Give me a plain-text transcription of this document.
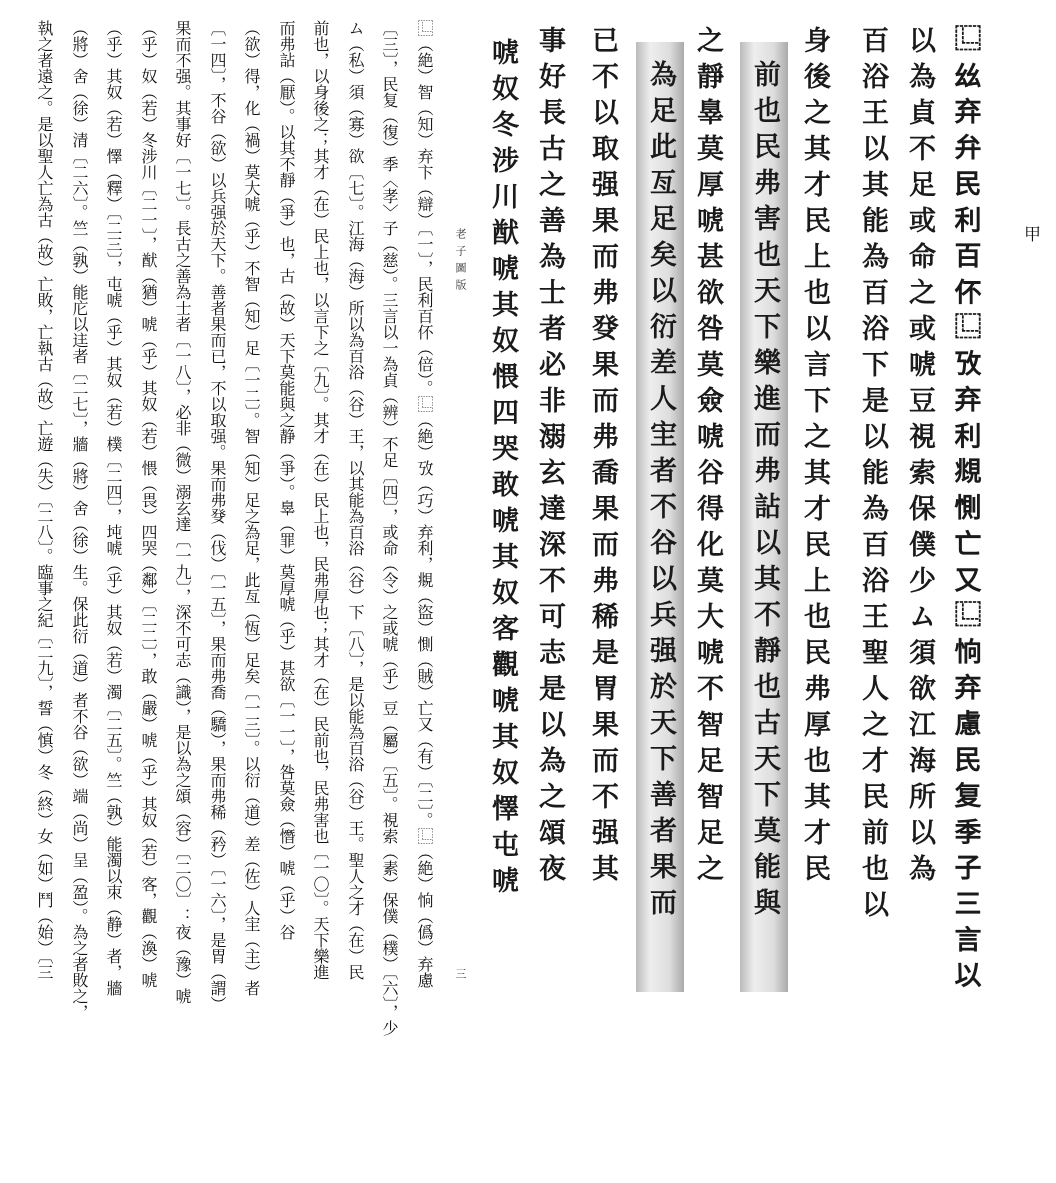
⿺（絶）智（知）弃卞（辯）〔一〕，民利百伓（倍）。⿺（絶）攷（巧）弃利，覜（盜）惻（賊）亡又（有）〔二〕。⿺（絶）恦（僞）弃慮
〔三〕，民复（復）季〈孝〉子（慈）。三言以一為貞（辨）不足〔四〕，或命（令）之或唬（乎）豆（屬）〔五〕。視索（素）保僕（樸）〔六〕，少
ム（私）須（寡）欲〔七〕。江海（海）所以為百浴（谷）王，以其能為百浴（谷）下〔八〕，是以能為百浴（谷）王。聖人之才（在）民
前也，以身後之；其才（在）民上也，以言下之〔九〕。其才（在）民上也，民弗厚也；其才（在）民前也，民弗害也〔一〇〕。天下樂進
而弗詀（厭）。以其不靜（爭）也，古（故）天下莫能與之静（爭）。辠（罪）莫厚唬（乎）甚欲〔一一〕，咎莫僉（憯）唬（乎）谷
（欲）得，化（禍）莫大唬（乎）不智（知）足〔一二〕。智（知）足之為足，此亙（恆）足矣〔一三〕。以衍（道）差（佐）人宔（主）者
〔一四〕，不谷（欲）以兵强於天下。善者果而已，不以取强。果而弗癹（伐）〔一五〕，果而弗喬（驕），果而弗稀（矜）〔一六〕，是胃（謂）
果而不强。其事好〔一七〕。長古之善為士者〔一八〕，必非（微）溺玄達〔一九〕，深不可志（識），是以為之頌（容）〔二〇〕：夜（豫）唬
（乎）奴（若）冬涉川〔二一〕，猷（猶）唬（乎）其奴（若）愄（畏）四哭（鄰）〔二二〕，敢（嚴）唬（乎）其奴（若）客，觀（渙）唬
（乎）其奴（若）懌（釋）〔二三〕，屯唬（乎）其奴（若）樸〔二四〕，坉唬（乎）其奴（若）濁〔二五〕。竺（孰）能濁以朿（静）者，牆
（將）舍（徐）清〔二六〕。竺（孰）能庀以迬者〔二七〕，牆（將）舍（徐）生。保此衍（道）者不谷（欲）端（尚）呈（盈）。為之者敗之，
執之者遠之。是以聖人亡為古（故）亡敗，亡執古（故）亡遊（失）〔二八〕。臨事之紀〔二九〕，誓（慎）冬（終）女（如）鬥（始）〔三	老子圖版
三	⿺𢆶弃弁民利百伓⿺攷弃利覜惻亡又⿺恦弃慮民复季子三言以
以為貞不足或命之或唬豆視索保僕少ム須欲江海所以為
百浴王以其能為百浴下是以能為百浴王聖人之才民前也以
身後之其才民上也以言下之其才民上也民弗厚也其才民
前也民弗害也天下樂進而弗詀以其不靜也古天下莫能與
之靜辠莫厚唬甚欲咎莫僉唬谷得化莫大唬不智足智足之
為足此亙足矣以衍差人宔者不谷以兵强於天下善者果而
已不以取强果而弗癹果而弗喬果而弗稀是胃果而不强其
事好長古之善為士者必非溺玄達深不可志是以為之頌夜
唬奴冬涉川猷唬其奴愄四哭敢唬其奴客觀唬其奴懌屯唬	甲
